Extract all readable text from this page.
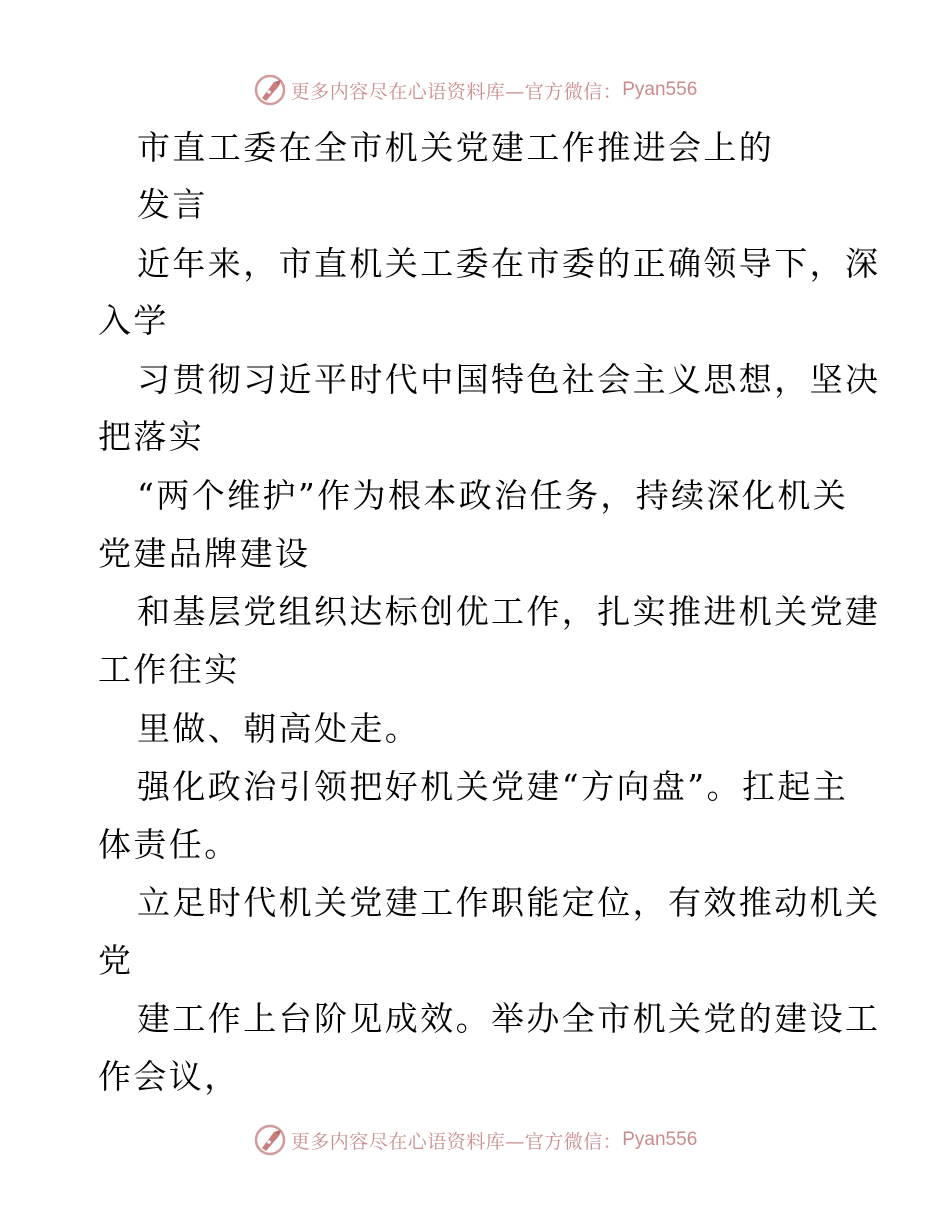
更多内容尽在心语资料库—官方微信： Pyan556
市直工委在全市机关党建工作推进会上的
发言
近年来，市直机关工委在市委的正确领导下，深
入学
习贯彻习近平时代中国特色社会主义思想，坚决
把落实
“两个维护”作为根本政治任务，持续深化机关
党建品牌建设
和基层党组织达标创优工作，扎实推进机关党建
工作往实
里做、朝高处走。
强化政治引领把好机关党建“方向盘”。扛起主
体责任。
立足时代机关党建工作职能定位，有效推动机关
党
建工作上台阶见成效。举办全市机关党的建设工
作会议，
更多内容尽在心语资料库—官方微信： Pyan556
